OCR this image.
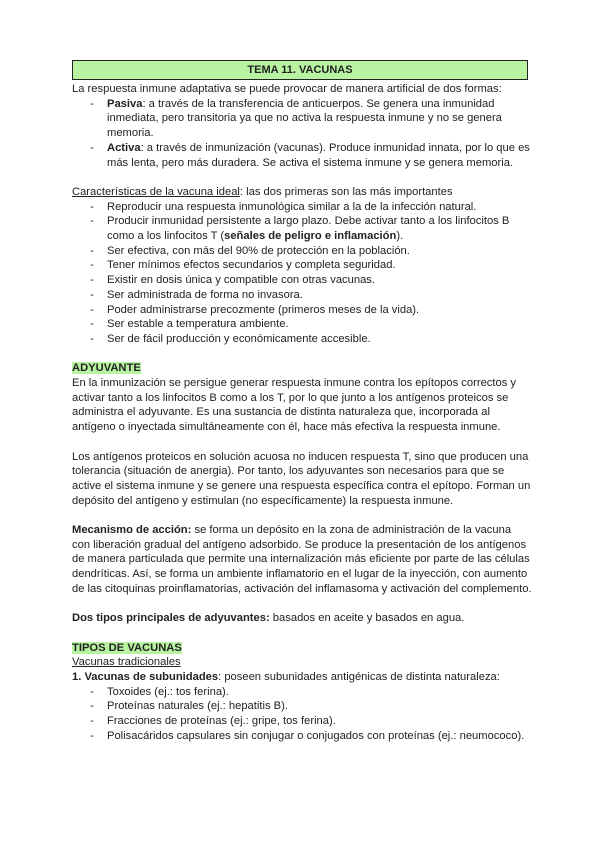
TEMA 11. VACUNAS

La respuesta inmune adaptativa se puede provocar de manera artificial de dos formas:

- Pasiva: a través de la transferencia de anticuerpos. Se genera una inmunidad inmediata, pero transitoria ya que no activa la respuesta inmune y no se genera memoria.
- Activa: a través de inmunización (vacunas). Produce inmunidad innata, por lo que es más lenta, pero más duradera. Se activa el sistema inmune y se genera memoria.

Características de la vacuna ideal: las dos primeras son las más importantes

- Reproducir una respuesta inmunológica similar a la de la infección natural.
- Producir inmunidad persistente a largo plazo. Debe activar tanto a los linfocitos B como a los linfocitos T (señales de peligro e inflamación).
- Ser efectiva, con más del 90% de protección en la población.
- Tener mínimos efectos secundarios y completa seguridad.
- Existir en dosis única y compatible con otras vacunas.
- Ser administrada de forma no invasora.
- Poder administrarse precozmente (primeros meses de la vida).
- Ser estable a temperatura ambiente.
- Ser de fácil producción y económicamente accesible.

ADYUVANTE

En la inmunización se persigue generar respuesta inmune contra los epítopos correctos y activar tanto a los linfocitos B como a los T, por lo que junto a los antígenos proteicos se administra el adyuvante. Es una sustancia de distinta naturaleza que, incorporada al antígeno o inyectada simultáneamente con él, hace más efectiva la respuesta inmune.

Los antígenos proteicos en solución acuosa no inducen respuesta T, sino que producen una tolerancia (situación de anergia). Por tanto, los adyuvantes son necesarios para que se active el sistema inmune y se genere una respuesta específica contra el epítopo. Forman un depósito del antígeno y estimulan (no específicamente) la respuesta inmune.

Mecanismo de acción: se forma un depósito en la zona de administración de la vacuna con liberación gradual del antígeno adsorbido. Se produce la presentación de los antígenos de manera particulada que permite una internalización más eficiente por parte de las células dendríticas. Así, se forma un ambiente inflamatorio en el lugar de la inyección, con aumento de las citoquinas proinflamatorias, activación del inflamasoma y activación del complemento.

Dos tipos principales de adyuvantes: basados en aceite y basados en agua.

TIPOS DE VACUNAS

Vacunas tradicionales

1. Vacunas de subunidades: poseen subunidades antigénicas de distinta naturaleza:

- Toxoides (ej.: tos ferina).
- Proteínas naturales (ej.: hepatitis B).
- Fracciones de proteínas (ej.: gripe, tos ferina).
- Polisacáridos capsulares sin conjugar o conjugados con proteínas (ej.: neumococo).
